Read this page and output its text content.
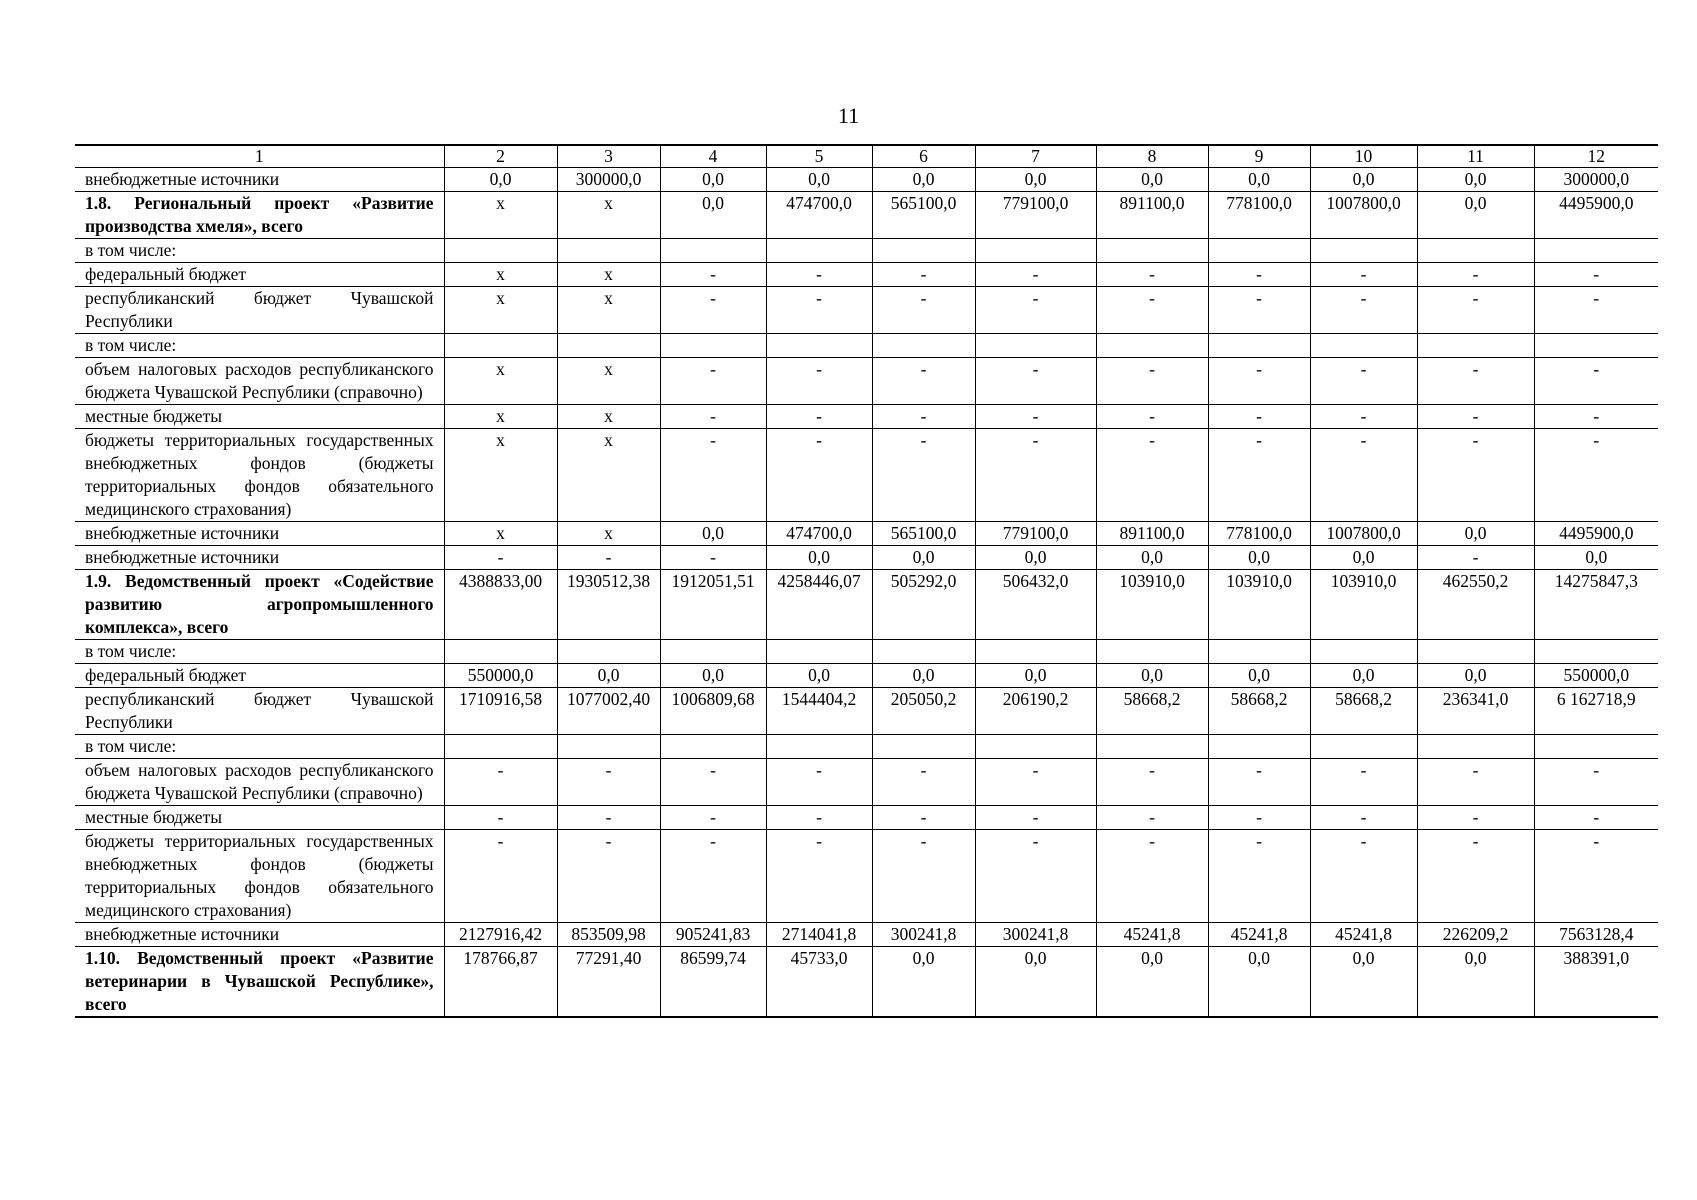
11
1	2	3	4	5	6	7	8	9	10	11	12
внебюджетные источники	0,0	300000,0	0,0	0,0	0,0	0,0	0,0	0,0	0,0	0,0	300000,0
1.8. Региональный проект «Развитие производства хмеля», всего	х	х	0,0	474700,0	565100,0	779100,0	891100,0	778100,0	1007800,0	0,0	4495900,0
в том числе:											
федеральный бюджет	х	х	-	-	-	-	-	-	-	-	-
республиканский бюджет Чувашской Республики	х	х	-	-	-	-	-	-	-	-	-
в том числе:											
объем налоговых расходов республиканского бюджета Чувашской Республики (справочно)	х	х	-	-	-	-	-	-	-	-	-
местные бюджеты	х	х	-	-	-	-	-	-	-	-	-
бюджеты территориальных государственных внебюджетных фондов (бюджеты территориальных фондов обязательного медицинского страхования)	х	х	-	-	-	-	-	-	-	-	-
внебюджетные источники	х	х	0,0	474700,0	565100,0	779100,0	891100,0	778100,0	1007800,0	0,0	4495900,0
внебюджетные источники	-	-	-	0,0	0,0	0,0	0,0	0,0	0,0	-	0,0
1.9. Ведомственный проект «Содействие развитию агропромышленного комплекса», всего	4388833,00	1930512,38	1912051,51	4258446,07	505292,0	506432,0	103910,0	103910,0	103910,0	462550,2	14275847,3
в том числе:											
федеральный бюджет	550000,0	0,0	0,0	0,0	0,0	0,0	0,0	0,0	0,0	0,0	550000,0
республиканский бюджет Чувашской Республики	1710916,58	1077002,40	1006809,68	1544404,2	205050,2	206190,2	58668,2	58668,2	58668,2	236341,0	6 162718,9
в том числе:											
объем налоговых расходов республиканского бюджета Чувашской Республики (справочно)	-	-	-	-	-	-	-	-	-	-	-
местные бюджеты	-	-	-	-	-	-	-	-	-	-	-
бюджеты территориальных государственных внебюджетных фондов (бюджеты территориальных фондов обязательного медицинского страхования)	-	-	-	-	-	-	-	-	-	-	-
внебюджетные источники	2127916,42	853509,98	905241,83	2714041,8	300241,8	300241,8	45241,8	45241,8	45241,8	226209,2	7563128,4
1.10. Ведомственный проект «Развитие ветеринарии в Чувашской Республике», всего	178766,87	77291,40	86599,74	45733,0	0,0	0,0	0,0	0,0	0,0	0,0	388391,0
